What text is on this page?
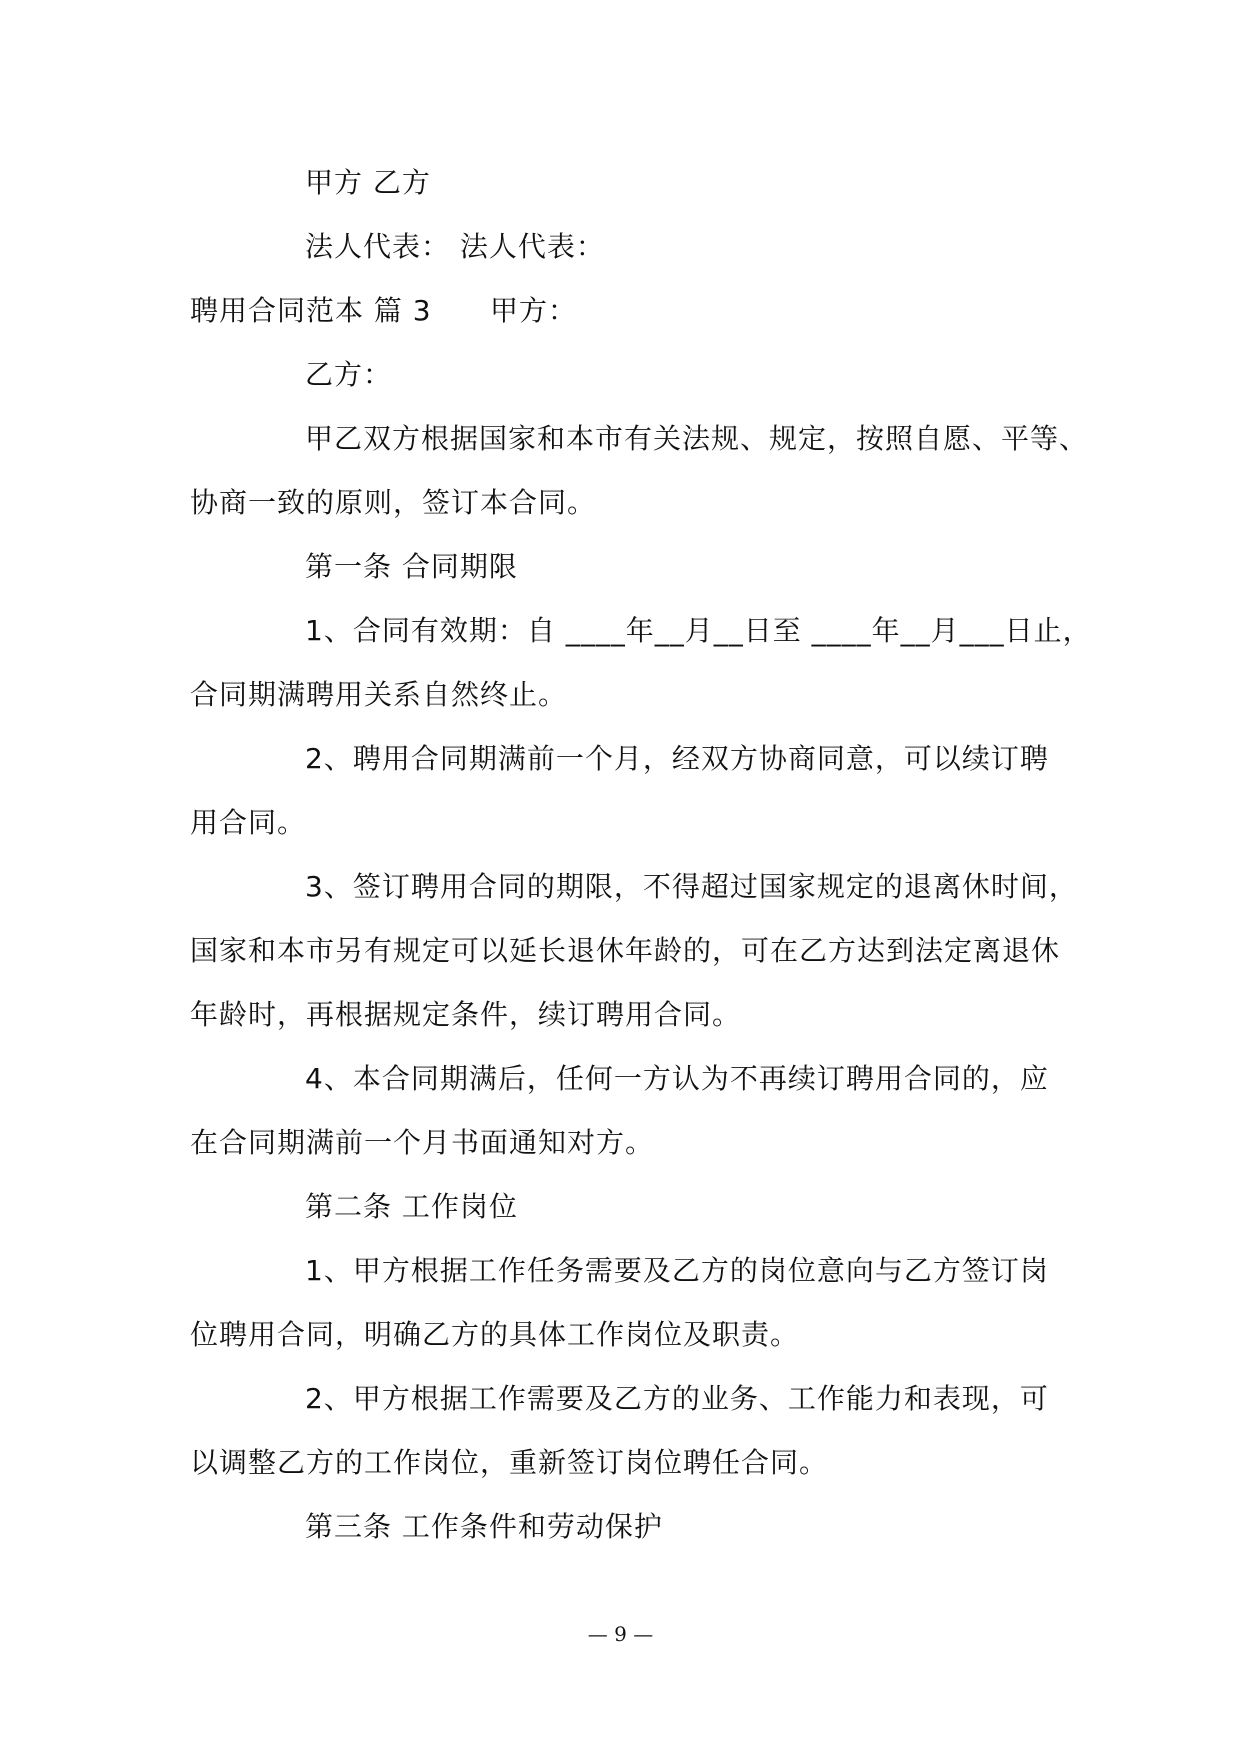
甲方 乙方
法人代表： 法人代表：
聘用合同范本 篇 3 甲方：
乙方：
甲乙双方根据国家和本市有关法规、规定，按照自愿、平等、
协商一致的原则，签订本合同。
第一条 合同期限
1、合同有效期：自 ____年__月__日至 ____年__月___日止，
合同期满聘用关系自然终止。
2、聘用合同期满前一个月，经双方协商同意，可以续订聘
用合同。
3、签订聘用合同的期限，不得超过国家规定的退离休时间，
国家和本市另有规定可以延长退休年龄的，可在乙方达到法定离退休
年龄时，再根据规定条件，续订聘用合同。
4、本合同期满后，任何一方认为不再续订聘用合同的，应
在合同期满前一个月书面通知对方。
第二条 工作岗位
1、甲方根据工作任务需要及乙方的岗位意向与乙方签订岗
位聘用合同，明确乙方的具体工作岗位及职责。
2、甲方根据工作需要及乙方的业务、工作能力和表现，可
以调整乙方的工作岗位，重新签订岗位聘任合同。
第三条 工作条件和劳动保护
— 9 —
